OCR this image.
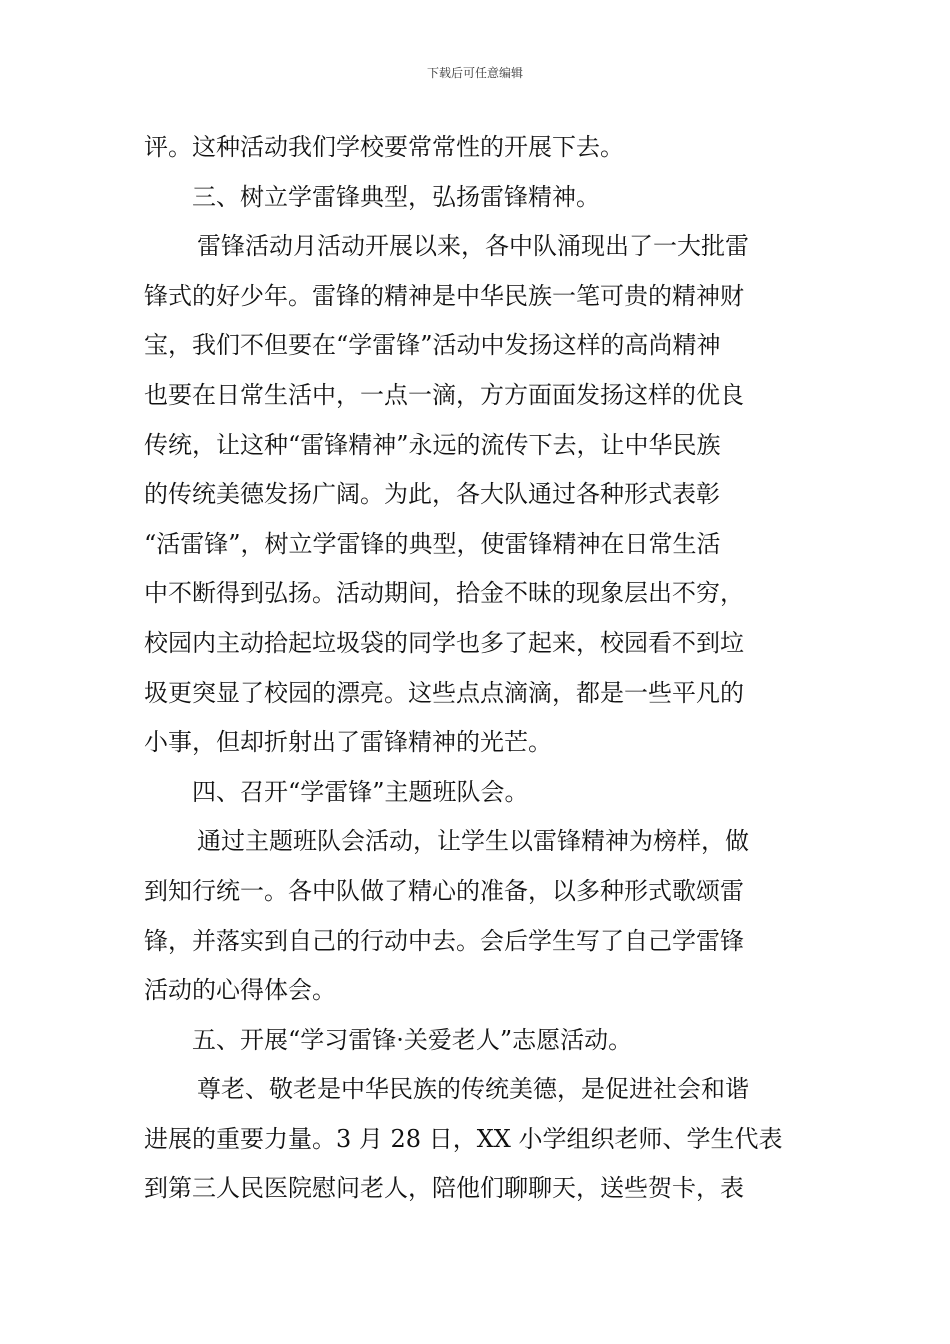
下载后可任意编辑
评。这种活动我们学校要常常性的开展下去。
三、树立学雷锋典型，弘扬雷锋精神。
雷锋活动月活动开展以来，各中队涌现出了一大批雷
锋式的好少年。雷锋的精神是中华民族一笔可贵的精神财
宝，我们不但要在“学雷锋”活动中发扬这样的高尚精神
也要在日常生活中，一点一滴，方方面面发扬这样的优良
传统，让这种“雷锋精神”永远的流传下去，让中华民族
的传统美德发扬广阔。为此，各大队通过各种形式表彰
“活雷锋”，树立学雷锋的典型，使雷锋精神在日常生活
中不断得到弘扬。活动期间，拾金不昧的现象层出不穷，
校园内主动拾起垃圾袋的同学也多了起来，校园看不到垃
圾更突显了校园的漂亮。这些点点滴滴，都是一些平凡的
小事，但却折射出了雷锋精神的光芒。
四、召开“学雷锋”主题班队会。
通过主题班队会活动，让学生以雷锋精神为榜样，做
到知行统一。各中队做了精心的准备，以多种形式歌颂雷
锋，并落实到自己的行动中去。会后学生写了自己学雷锋
活动的心得体会。
五、开展“学习雷锋·关爱老人”志愿活动。
尊老、敬老是中华民族的传统美德，是促进社会和谐
进展的重要力量。3 月 28 日，XX 小学组织老师、学生代表
到第三人民医院慰问老人，陪他们聊聊天，送些贺卡，表
